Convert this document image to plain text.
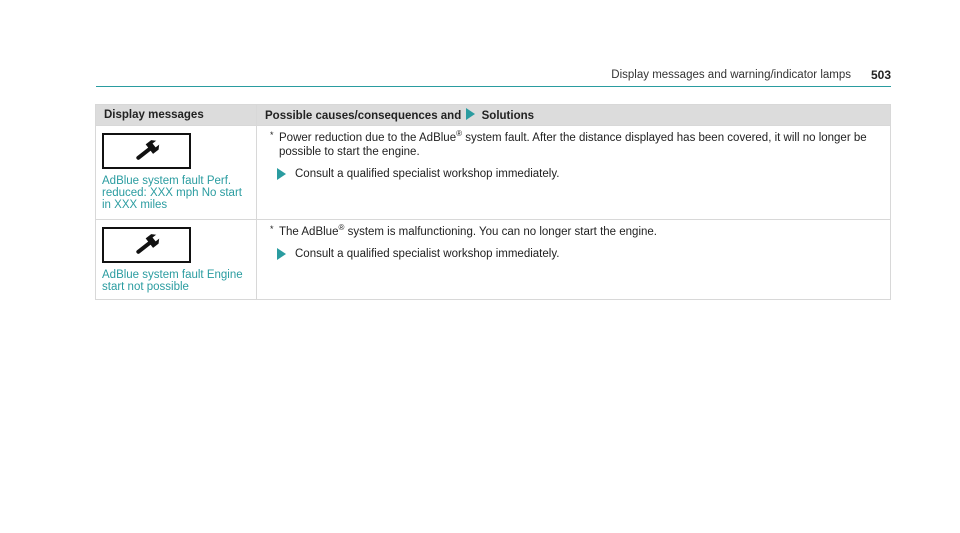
Display messages and warning/indicator lamps 503
Display messages	Possible causes/consequences and Solutions

AdBlue system fault Perf. reduced: XXX mph No start in XXX miles	* Power reduction due to the AdBlue® system fault. After the distance displayed has been covered, it will no longer be possible to start the engine.
Consult a qualified specialist workshop immediately.

AdBlue system fault Engine start not possible	* The AdBlue® system is malfunctioning. You can no longer start the engine.
Consult a qualified specialist workshop immediately.
